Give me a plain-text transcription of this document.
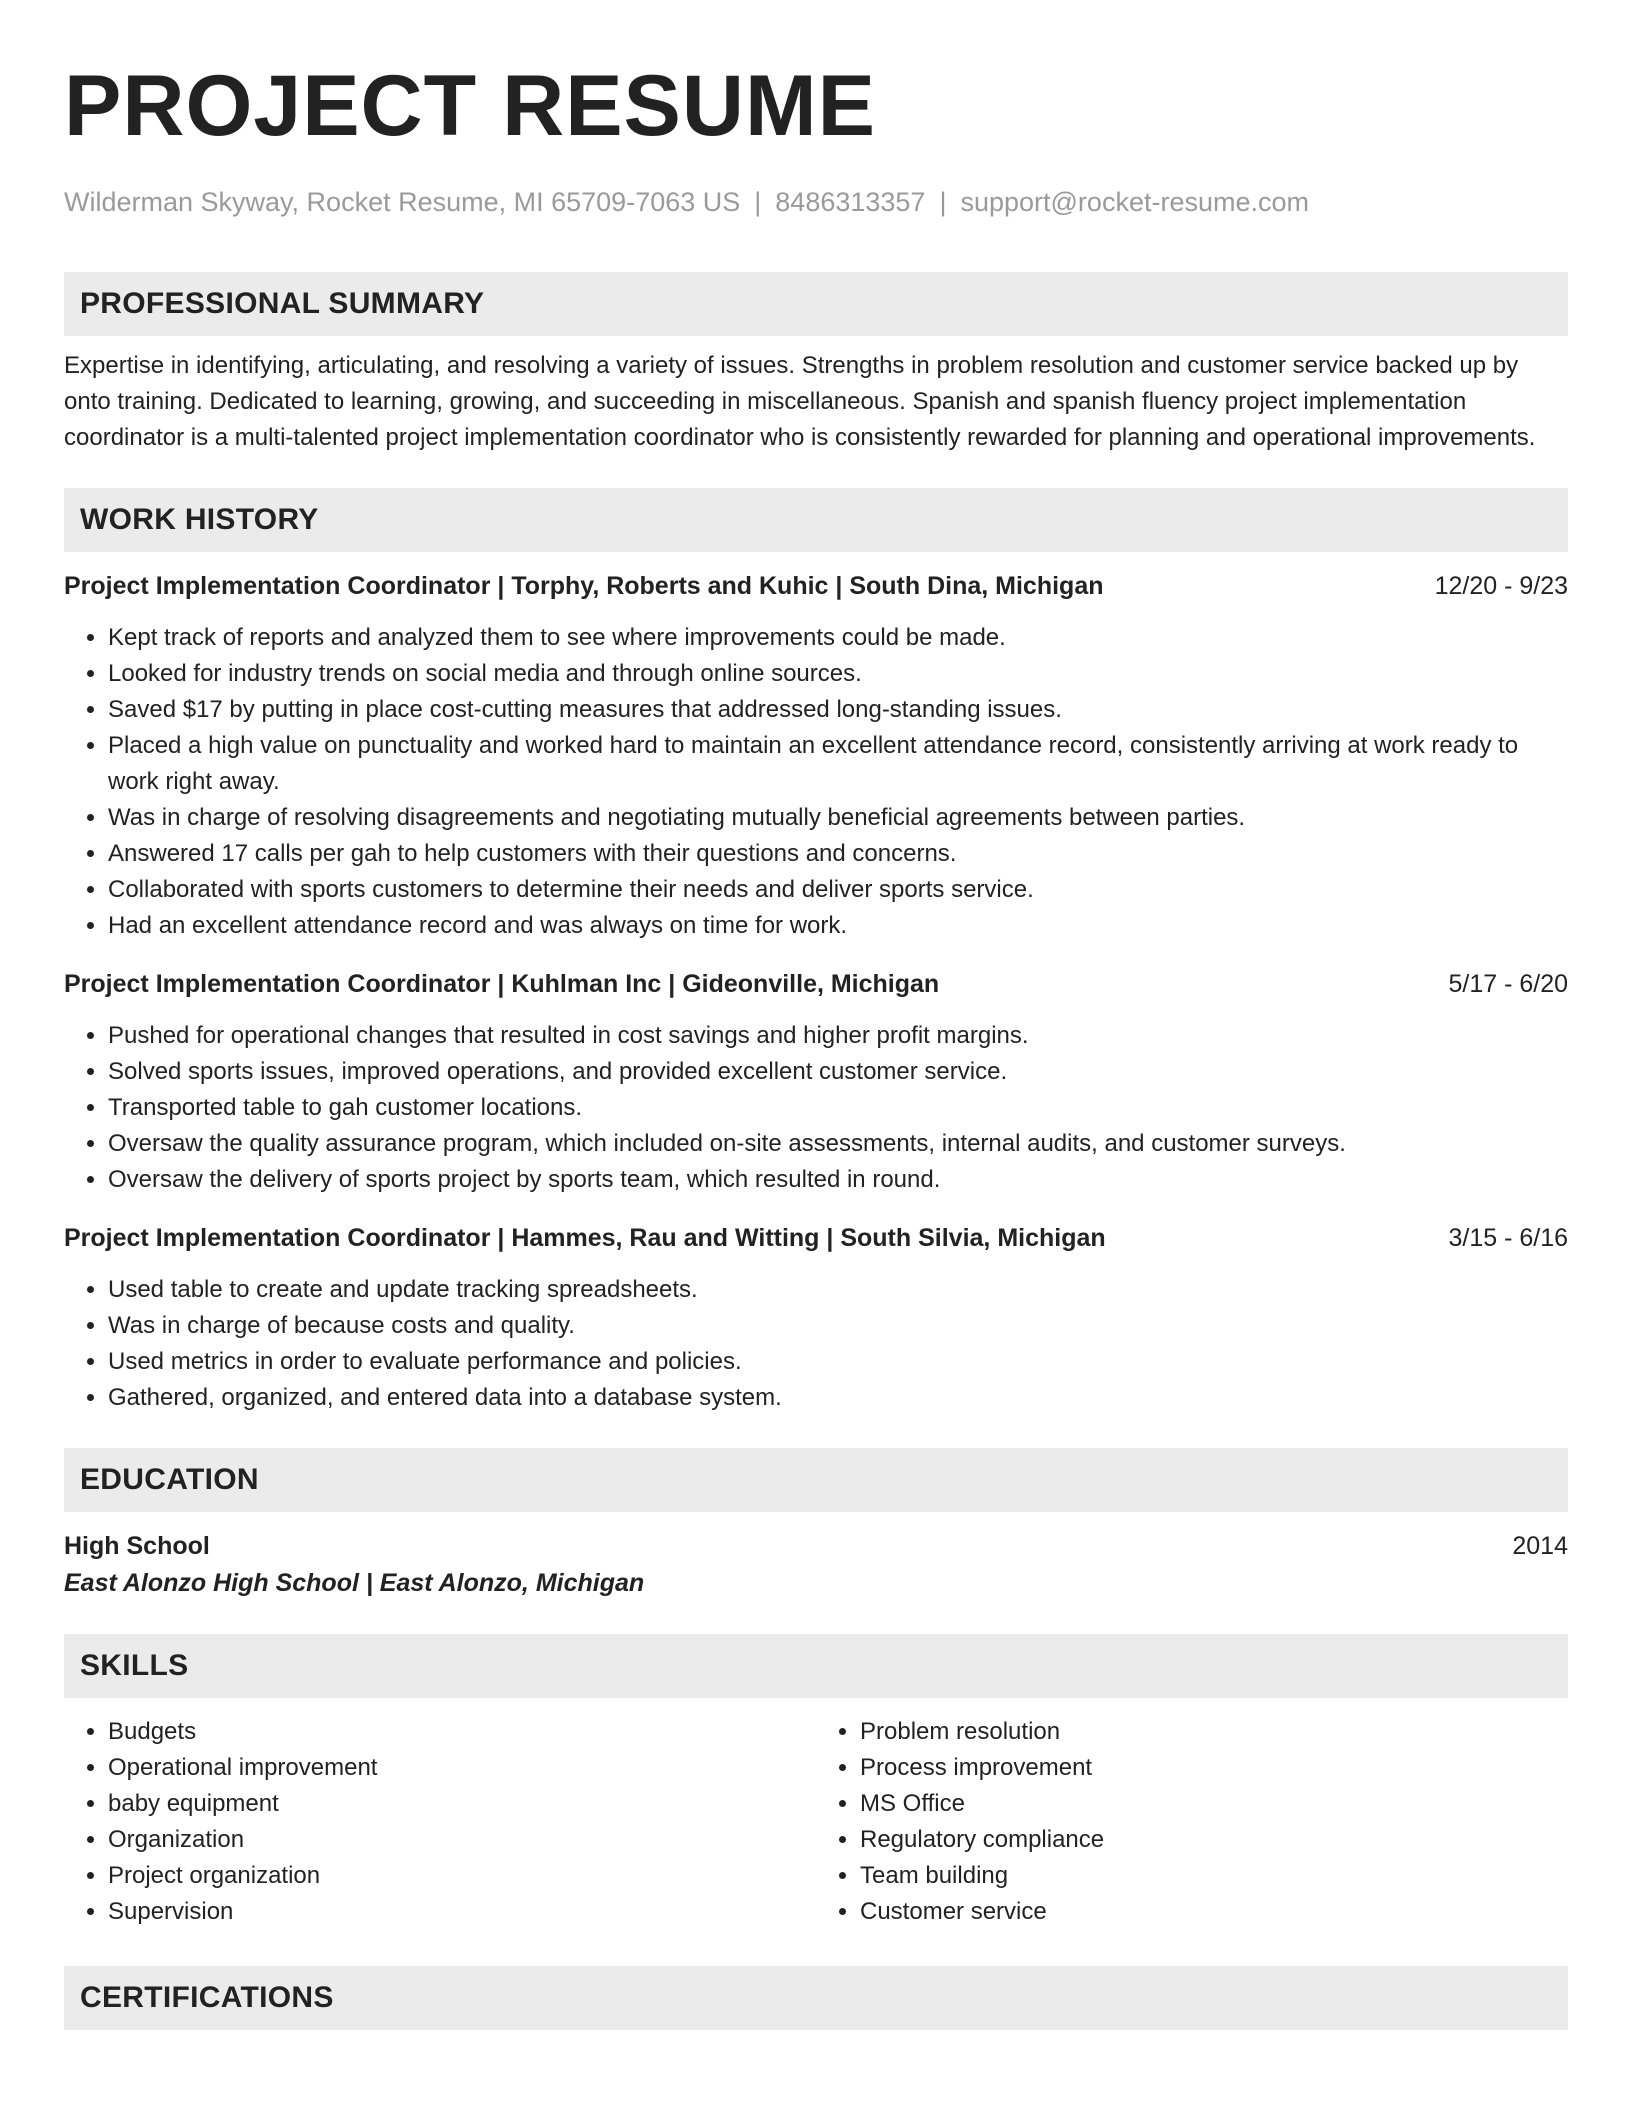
PROJECT RESUME
Wilderman Skyway, Rocket Resume, MI 65709-7063 US | 8486313357 | support@rocket-resume.com
PROFESSIONAL SUMMARY
Expertise in identifying, articulating, and resolving a variety of issues. Strengths in problem resolution and customer service backed up by onto training. Dedicated to learning, growing, and succeeding in miscellaneous. Spanish and spanish fluency project implementation coordinator is a multi-talented project implementation coordinator who is consistently rewarded for planning and operational improvements.
WORK HISTORY
Project Implementation Coordinator | Torphy, Roberts and Kuhic | South Dina, Michigan	12/20 - 9/23
• Kept track of reports and analyzed them to see where improvements could be made.
• Looked for industry trends on social media and through online sources.
• Saved $17 by putting in place cost-cutting measures that addressed long-standing issues.
• Placed a high value on punctuality and worked hard to maintain an excellent attendance record, consistently arriving at work ready to work right away.
• Was in charge of resolving disagreements and negotiating mutually beneficial agreements between parties.
• Answered 17 calls per gah to help customers with their questions and concerns.
• Collaborated with sports customers to determine their needs and deliver sports service.
• Had an excellent attendance record and was always on time for work.
Project Implementation Coordinator | Kuhlman Inc | Gideonville, Michigan	5/17 - 6/20
• Pushed for operational changes that resulted in cost savings and higher profit margins.
• Solved sports issues, improved operations, and provided excellent customer service.
• Transported table to gah customer locations.
• Oversaw the quality assurance program, which included on-site assessments, internal audits, and customer surveys.
• Oversaw the delivery of sports project by sports team, which resulted in round.
Project Implementation Coordinator | Hammes, Rau and Witting | South Silvia, Michigan	3/15 - 6/16
• Used table to create and update tracking spreadsheets.
• Was in charge of because costs and quality.
• Used metrics in order to evaluate performance and policies.
• Gathered, organized, and entered data into a database system.
EDUCATION
High School	2014
East Alonzo High School | East Alonzo, Michigan
SKILLS
• Budgets
• Operational improvement
• baby equipment
• Organization
• Project organization
• Supervision
• Problem resolution
• Process improvement
• MS Office
• Regulatory compliance
• Team building
• Customer service
CERTIFICATIONS
